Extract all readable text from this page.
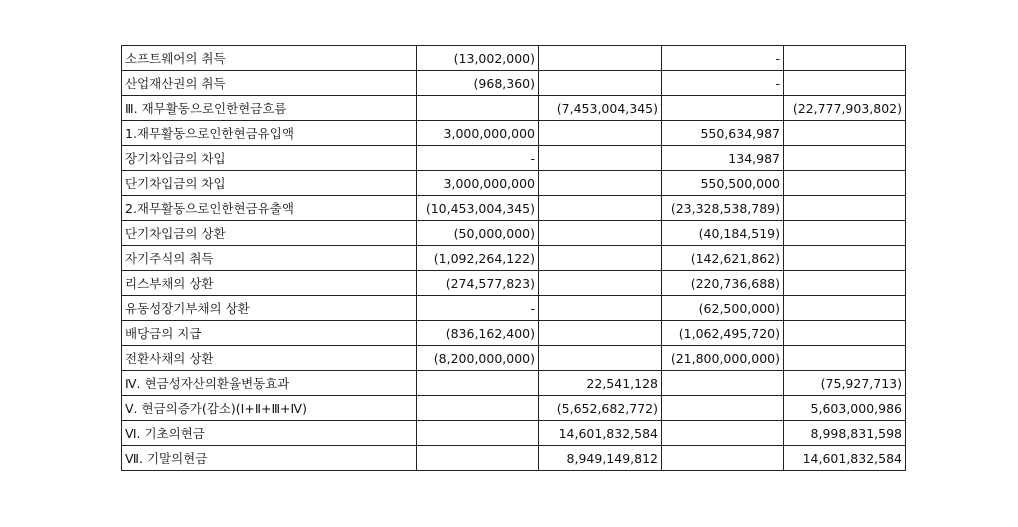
소프트웨어의 취득	(13,002,000)		-	
산업재산권의 취득	(968,360)		-	
Ⅲ. 재무활동으로인한현금흐름		(7,453,004,345)		(22,777,903,802)
1.재무활동으로인한현금유입액	3,000,000,000		550,634,987	
장기차입금의 차입	-		134,987	
단기차입금의 차입	3,000,000,000		550,500,000	
2.재무활동으로인한현금유출액	(10,453,004,345)		(23,328,538,789)	
단기차입금의 상환	(50,000,000)		(40,184,519)	
자기주식의 취득	(1,092,264,122)		(142,621,862)	
리스부채의 상환	(274,577,823)		(220,736,688)	
유동성장기부채의 상환	-		(62,500,000)	
배당금의 지급	(836,162,400)		(1,062,495,720)	
전환사채의 상환	(8,200,000,000)		(21,800,000,000)	
Ⅳ. 현금성자산의환율변동효과		22,541,128		(75,927,713)
Ⅴ. 현금의증가(감소)(Ⅰ+Ⅱ+Ⅲ+Ⅳ)		(5,652,682,772)		5,603,000,986
Ⅵ. 기초의현금		14,601,832,584		8,998,831,598
Ⅶ. 기말의현금		8,949,149,812		14,601,832,584
